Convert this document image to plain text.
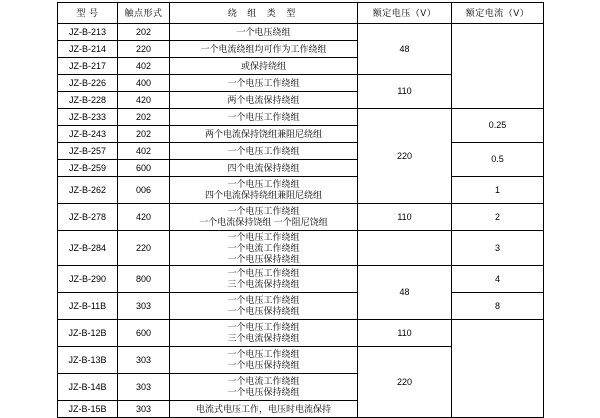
型 号	触点形式	绕 组 类 型	额定电压（V）	额定电流（V）
JZ-B-213	202	一个电压绕组	48	
JZ-B-214	220	一个电流绕组均可作为工作绕组		

JZ-B-217	402	或保持绕组		

JZ-B-226	400	一个电压工作绕组	110	
JZ-B-228	420	两个电流保持绕组		

JZ-B-233	202	一个电压工作绕组	220	0.25
JZ-B-243	202	两个电流保持饶组兼阻尼绕组		

JZ-B-257	402	一个电压工作绕组		0.5
JZ-B-259	600	四个电流保持绕组		

JZ-B-262	006	一个电压工作绕组
四个电流保持绕组兼阻尼绕组		1
JZ-B-278	420	一个电压工作绕组
一个电流保持饶组 一个阻尼饶组	110	2
JZ-B-284	220	一个电压工作绕组
一个电流工作绕组
一个电压保持绕组		3
JZ-B-290	800	一个电压工作绕组
三个电流保持绕组	48	4
JZ-B-11B	303	一个电压工作绕组
一个电压保持绕组		8
JZ-B-12B	600	一个电压工作绕组
三个电流保持绕组	110	
JZ-B-13B	303	一个电压工作绕组
一个电压保持绕组	220	
JZ-B-14B	303	一个电流工作绕组
一个电压保持绕组		

JZ-B-15B	303	电流式电压工作，电压时电流保持		
